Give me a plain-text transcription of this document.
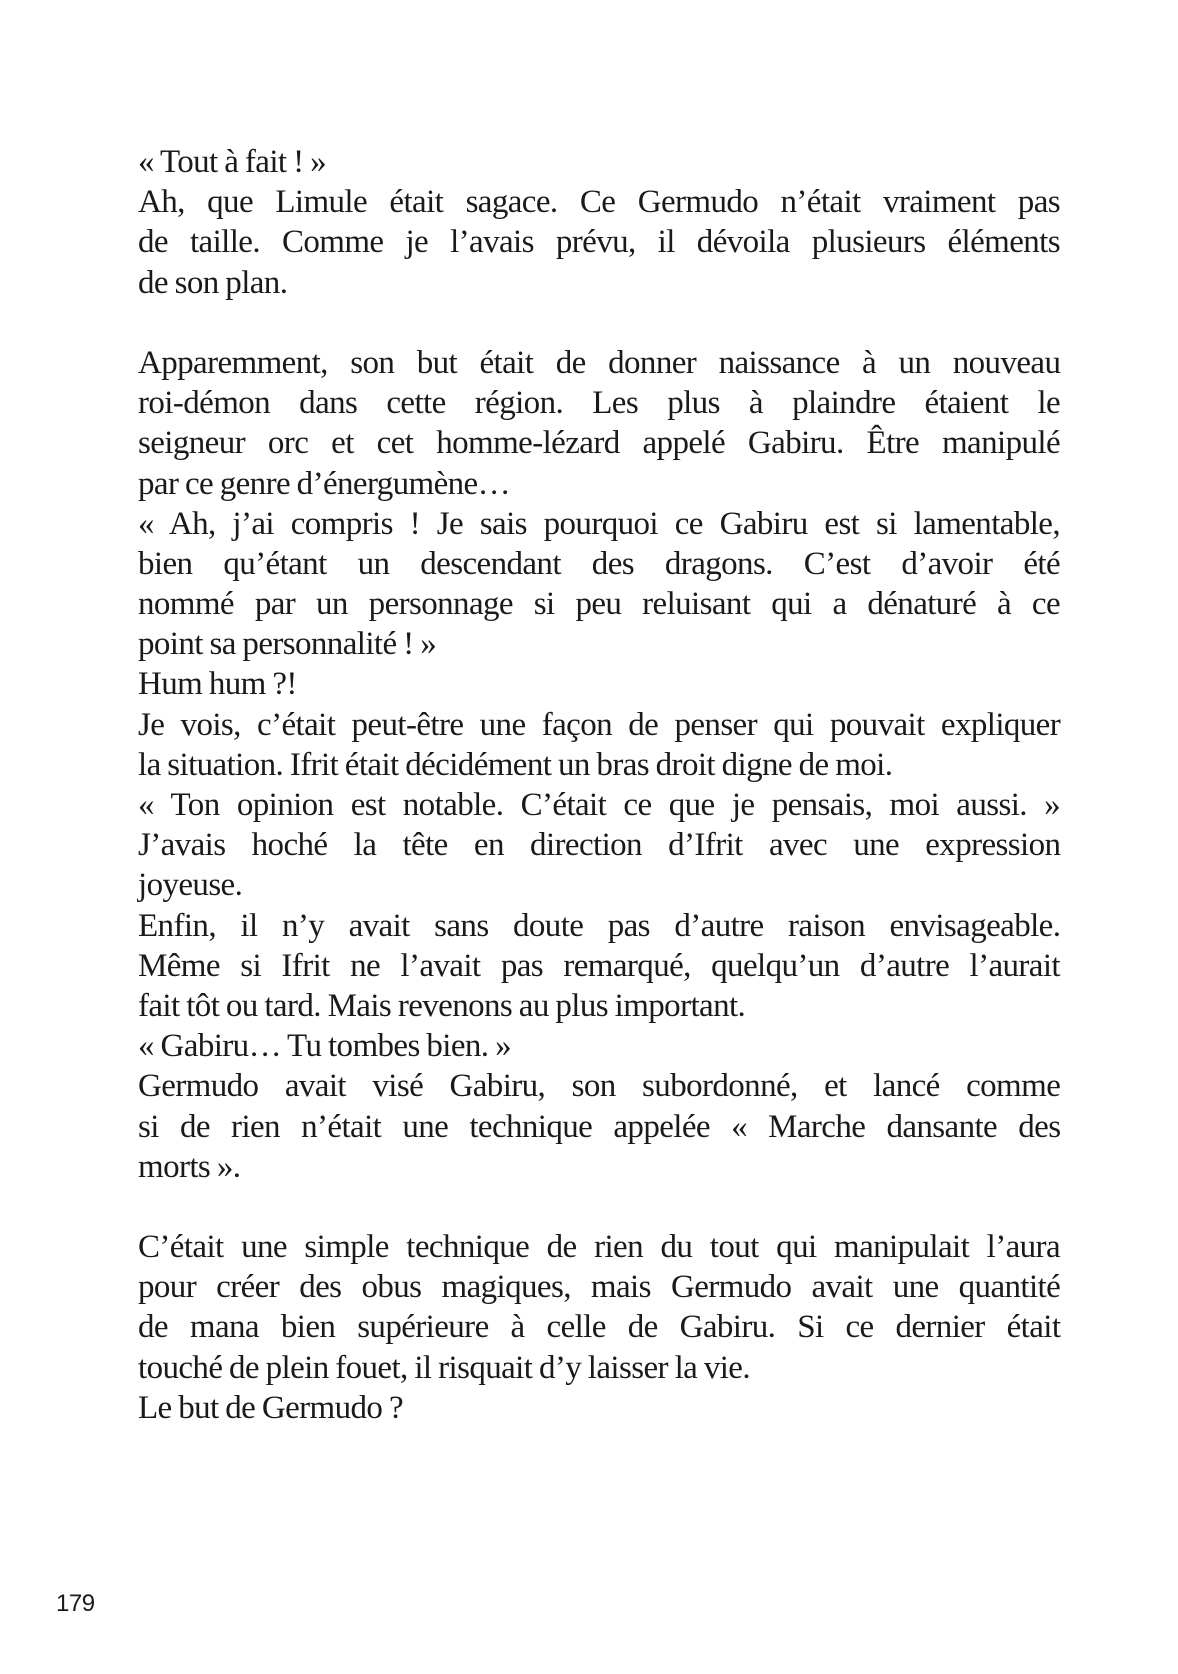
« Tout à fait ! »
Ah, que Limule était sagace. Ce Germudo n’était vraiment pas
de taille. Comme je l’avais prévu, il dévoila plusieurs éléments
de son plan.
Apparemment, son but était de donner naissance à un nouveau
roi-démon dans cette région. Les plus à plaindre étaient le
seigneur orc et cet homme-lézard appelé Gabiru. Être manipulé
par ce genre d’énergumène…
« Ah, j’ai compris ! Je sais pourquoi ce Gabiru est si lamentable,
bien qu’étant un descendant des dragons. C’est d’avoir été
nommé par un personnage si peu reluisant qui a dénaturé à ce
point sa personnalité ! »
Hum hum ?!
Je vois, c’était peut-être une façon de penser qui pouvait expliquer
la situation. Ifrit était décidément un bras droit digne de moi.
« Ton opinion est notable. C’était ce que je pensais, moi aussi. »
J’avais hoché la tête en direction d’Ifrit avec une expression
joyeuse.
Enfin, il n’y avait sans doute pas d’autre raison envisageable.
Même si Ifrit ne l’avait pas remarqué, quelqu’un d’autre l’aurait
fait tôt ou tard. Mais revenons au plus important.
« Gabiru… Tu tombes bien. »
Germudo avait visé Gabiru, son subordonné, et lancé comme
si de rien n’était une technique appelée « Marche dansante des
morts ».
C’était une simple technique de rien du tout qui manipulait l’aura
pour créer des obus magiques, mais Germudo avait une quantité
de mana bien supérieure à celle de Gabiru. Si ce dernier était
touché de plein fouet, il risquait d’y laisser la vie.
Le but de Germudo ?
179
